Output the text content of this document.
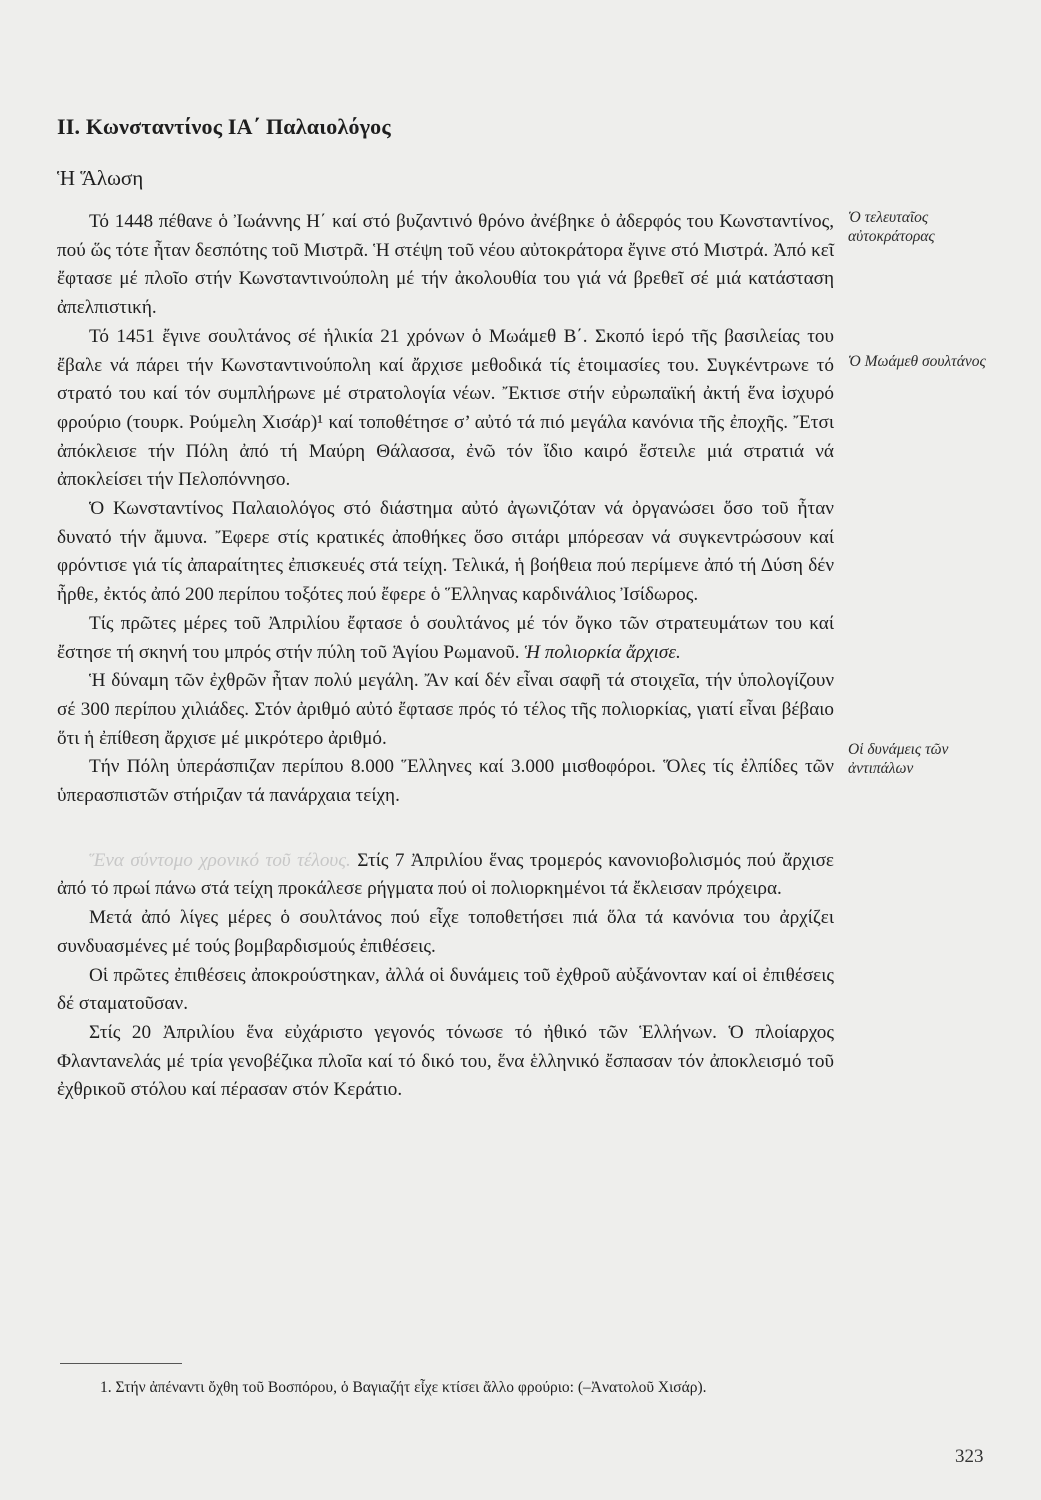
II. Κωνσταντίνος ΙΑ΄ Παλαιολόγος
Ἡ Ἅλωση

Τό 1448 πέθανε ὁ Ἰωάννης Η΄ καί στό βυζαντινό θρόνο ἀνέβηκε ὁ ἀδερφός του Κωνσταντίνος, πού ὥς τότε ἦταν δεσπότης τοῦ Μιστρᾶ. Ἡ στέψη τοῦ νέου αὐτοκράτορα ἔγινε στό Μιστρά. Ἀπό κεῖ ἔφτασε μέ πλοῖο στήν Κωνσταντινούπολη μέ τήν ἀκολουθία του γιά νά βρεθεῖ σέ μιά κατάσταση ἀπελπιστική.

Τό 1451 ἔγινε σουλτάνος σέ ἡλικία 21 χρόνων ὁ Μωάμεθ Β΄. Σκοπό ἱερό τῆς βασιλείας του ἔβαλε νά πάρει τήν Κωνσταντινούπολη καί ἄρχισε μεθοδικά τίς ἑτοιμασίες του. Συγκέντρωνε τό στρατό του καί τόν συμπλήρωνε μέ στρατολογία νέων. Ἔκτισε στήν εὐρωπαϊκή ἀκτή ἕνα ἰσχυρό φρούριο (τουρκ. Ρούμελη Χισάρ)¹ καί τοποθέτησε σ’ αὐτό τά πιό μεγάλα κανόνια τῆς ἐποχῆς. Ἔτσι ἀπόκλεισε τήν Πόλη ἀπό τή Μαύρη Θάλασσα, ἐνῶ τόν ἴδιο καιρό ἔστειλε μιά στρατιά νά ἀποκλείσει τήν Πελοπόννησο.

Ὁ Κωνσταντίνος Παλαιολόγος στό διάστημα αὐτό ἀγωνιζόταν νά ὀργανώσει ὅσο τοῦ ἦταν δυνατό τήν ἄμυνα. Ἔφερε στίς κρατικές ἀποθήκες ὅσο σιτάρι μπόρεσαν νά συγκεντρώσουν καί φρόντισε γιά τίς ἀπαραίτητες ἐπισκευές στά τείχη. Τελικά, ἡ βοήθεια πού περίμενε ἀπό τή Δύση δέν ἦρθε, ἐκτός ἀπό 200 περίπου τοξότες πού ἔφερε ὁ Ἕλληνας καρδινάλιος Ἰσίδωρος.

Τίς πρῶτες μέρες τοῦ Ἀπριλίου ἔφτασε ὁ σουλτάνος μέ τόν ὄγκο τῶν στρατευμάτων του καί ἔστησε τή σκηνή του μπρός στήν πύλη τοῦ Ἁγίου Ρωμανοῦ. Ἡ πολιορκία ἄρχισε.

Ἡ δύναμη τῶν ἐχθρῶν ἦταν πολύ μεγάλη. Ἄν καί δέν εἶναι σαφῆ τά στοιχεῖα, τήν ὑπολογίζουν σέ 300 περίπου χιλιάδες. Στόν ἀριθμό αὐτό ἔφτασε πρός τό τέλος τῆς πολιορκίας, γιατί εἶναι βέβαιο ὅτι ἡ ἐπίθεση ἄρχισε μέ μικρότερο ἀριθμό.

Τήν Πόλη ὑπεράσπιζαν περίπου 8.000 Ἕλληνες καί 3.000 μισθοφόροι. Ὅλες τίς ἐλπίδες τῶν ὑπερασπιστῶν στήριζαν τά πανάρχαια τείχη.

Ἕνα σύντομο χρονικό τοῦ τέλους. Στίς 7 Ἀπριλίου ἕνας τρομερός κανονιοβολισμός πού ἄρχισε ἀπό τό πρωί πάνω στά τείχη προκάλεσε ρήγματα πού οἱ πολιορκημένοι τά ἔκλεισαν πρόχειρα.

Μετά ἀπό λίγες μέρες ὁ σουλτάνος πού εἶχε τοποθετήσει πιά ὅλα τά κανόνια του ἀρχίζει συνδυασμένες μέ τούς βομβαρδισμούς ἐπιθέσεις.

Οἱ πρῶτες ἐπιθέσεις ἀποκρούστηκαν, ἀλλά οἱ δυνάμεις τοῦ ἐχθροῦ αὐξάνονταν καί οἱ ἐπιθέσεις δέ σταματοῦσαν.

Στίς 20 Ἀπριλίου ἕνα εὐχάριστο γεγονός τόνωσε τό ἠθικό τῶν Ἑλλήνων. Ὁ πλοίαρχος Φλαντανελάς μέ τρία γενοβέζικα πλοῖα καί τό δικό του, ἕνα ἑλληνικό ἔσπασαν τόν ἀποκλεισμό τοῦ ἐχθρικοῦ στόλου καί πέρασαν στόν Κεράτιο.

Ὁ τελευταῖος αὐτοκράτορας
Ὁ Μωάμεθ σουλτάνος
Οἱ δυνάμεις τῶν ἀντιπάλων
1. Στήν ἀπέναντι ὄχθη τοῦ Βοσπόρου, ὁ Βαγιαζήτ εἶχε κτίσει ἄλλο φρούριο: (–Ἀνατολοῦ Χισάρ).
323
